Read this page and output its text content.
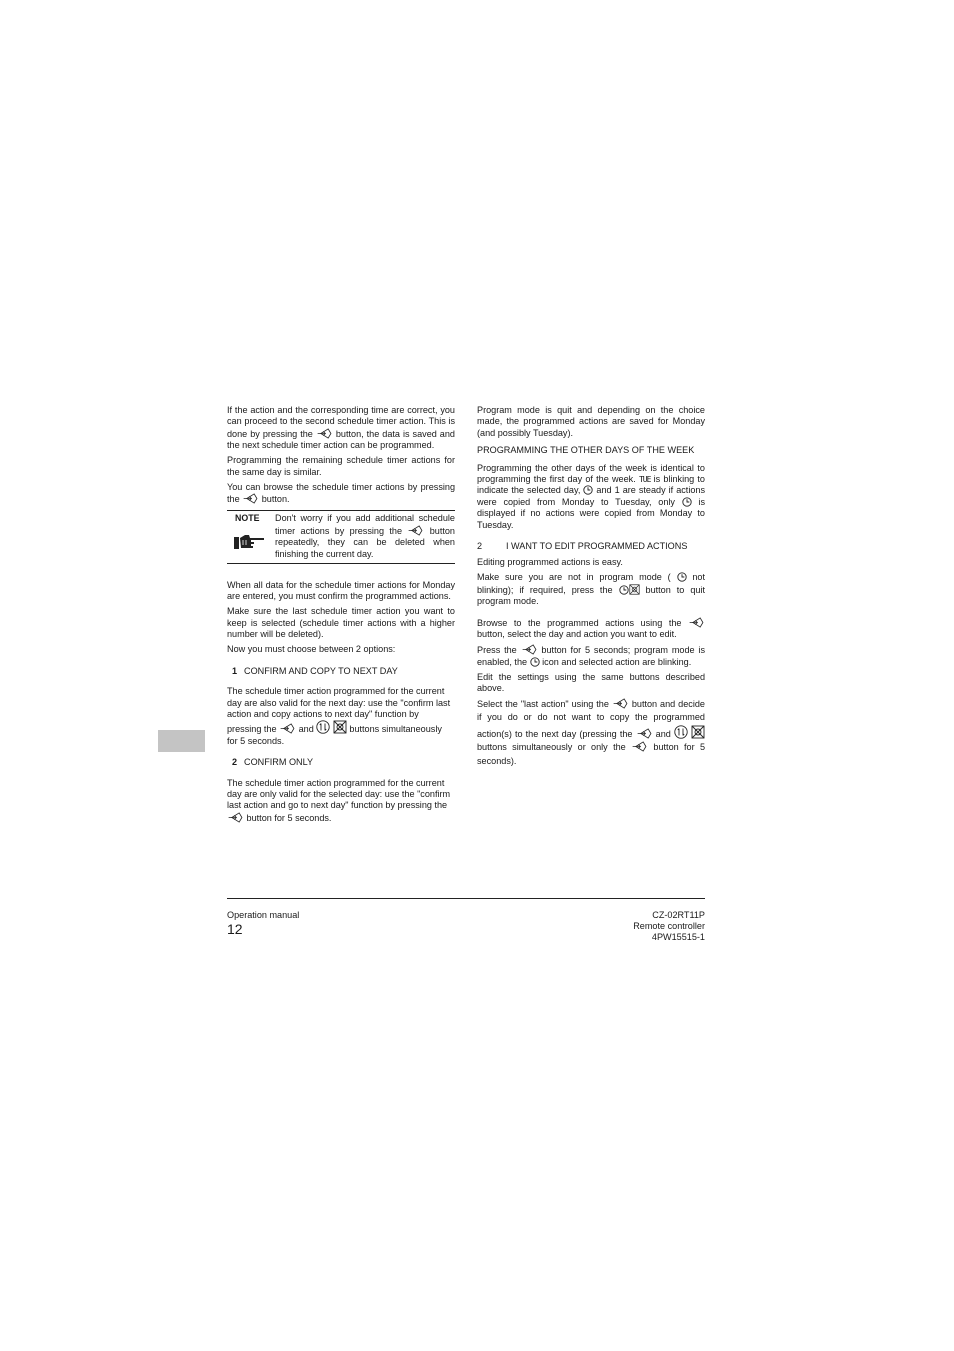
If the action and the corresponding time are correct, you can proceed to the second schedule timer action. This is done by pressing the	button, the data is saved and the next schedule timer action can be programmed.

Programming the remaining schedule timer actions for the same day is similar.

You can browse the schedule timer actions by pressing the button.

NOTE	Don't worry if you add additional schedule timer actions by pressing the	button repeatedly, they can be deleted when finishing the current day.

When all data for the schedule timer actions for Monday are entered, you must confirm the programmed actions.

Make sure the last schedule timer action you want to keep is selected (schedule timer actions with a higher number will be deleted).

Now you must choose between 2 options:

1 CONFIRM AND COPY TO NEXT DAY

The schedule timer action programmed for the current day are also valid for the next day: use the "confirm last action and copy actions to next day" function by pressing the and	buttons simultaneously for 5 seconds.

2 CONFIRM ONLY

The schedule timer action programmed for the current day are only valid for the selected day: use the "confirm last action and go to next day" function by pressing the  button for 5 seconds.

Program mode is quit and depending on the choice made, the programmed actions are saved for Monday (and possibly Tuesday).

PROGRAMMING THE OTHER DAYS OF THE WEEK

Programming the other days of the week is identical to programming the first day of the week. TUE is blinking to indicate the selected day, and 1 are steady if actions were copied from Monday to Tuesday, only	is displayed if no actions were copied from Monday to Tuesday.

2	I WANT TO EDIT PROGRAMMED ACTIONS

Editing programmed actions is easy.

Make sure you are not in program mode ( not blinking); if required, press the	button to quit program mode.

Browse to the programmed actions using the  button, select the day and action you want to edit.

Press the	button for 5 seconds; program mode is enabled, the icon and selected action are blinking.

Edit the settings using the same buttons described above.

Select the "last action" using the	button and decide if you do or do not want to copy the programmed action(s) to the next day (pressing the	and   buttons simultaneously or only the	button for 5 seconds).

Operation manual
12
CZ-02RT11P
Remote controller
4PW15515-1
